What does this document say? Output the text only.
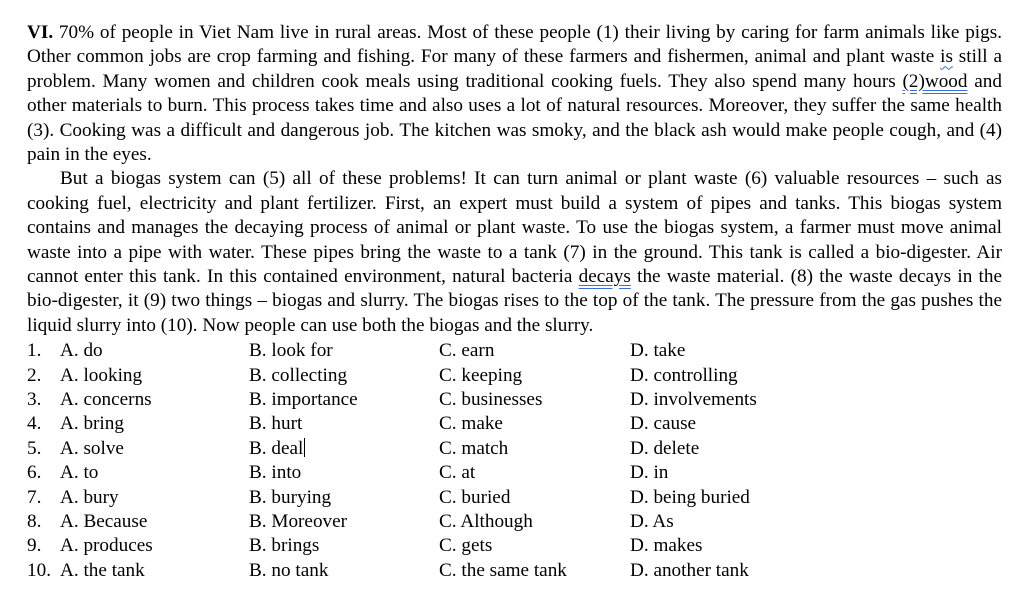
VI. 70% of people in Viet Nam live in rural areas. Most of these people (1) their living by caring for farm animals like pigs. Other common jobs are crop farming and fishing. For many of these farmers and fishermen, animal and plant waste is still a problem. Many women and children cook meals using traditional cooking fuels. They also spend many hours (2)wood and other materials to burn. This process takes time and also uses a lot of natural resources. Moreover, they suffer the same health (3). Cooking was a difficult and dangerous job. The kitchen was smoky, and the black ash would make people cough, and (4) pain in the eyes.

But a biogas system can (5) all of these problems! It can turn animal or plant waste (6) valuable resources – such as cooking fuel, electricity and plant fertilizer. First, an expert must build a system of pipes and tanks. This biogas system contains and manages the decaying process of animal or plant waste. To use the biogas system, a farmer must move animal waste into a pipe with water. These pipes bring the waste to a tank (7) in the ground. This tank is called a bio-digester. Air cannot enter this tank. In this contained environment, natural bacteria decays the waste material. (8) the waste decays in the bio-digester, it (9) two things – biogas and slurry. The biogas rises to the top of the tank. The pressure from the gas pushes the liquid slurry into (10). Now people can use both the biogas and the slurry.

1. A. do	B. look for	C. earn	D. take
2. A. looking	B. collecting	C. keeping	D. controlling
3. A. concerns	B. importance	C. businesses	D. involvements
4. A. bring	B. hurt	C. make	D. cause
5. A. solve	B. deal	C. match	D. delete
6. A. to	B. into	C. at	D. in
7. A. bury	B. burying	C. buried	D. being buried
8. A. Because	B. Moreover	C. Although	D. As
9. A. produces	B. brings	C. gets	D. makes
10. A. the tank	B. no tank	C. the same tank	D. another tank
